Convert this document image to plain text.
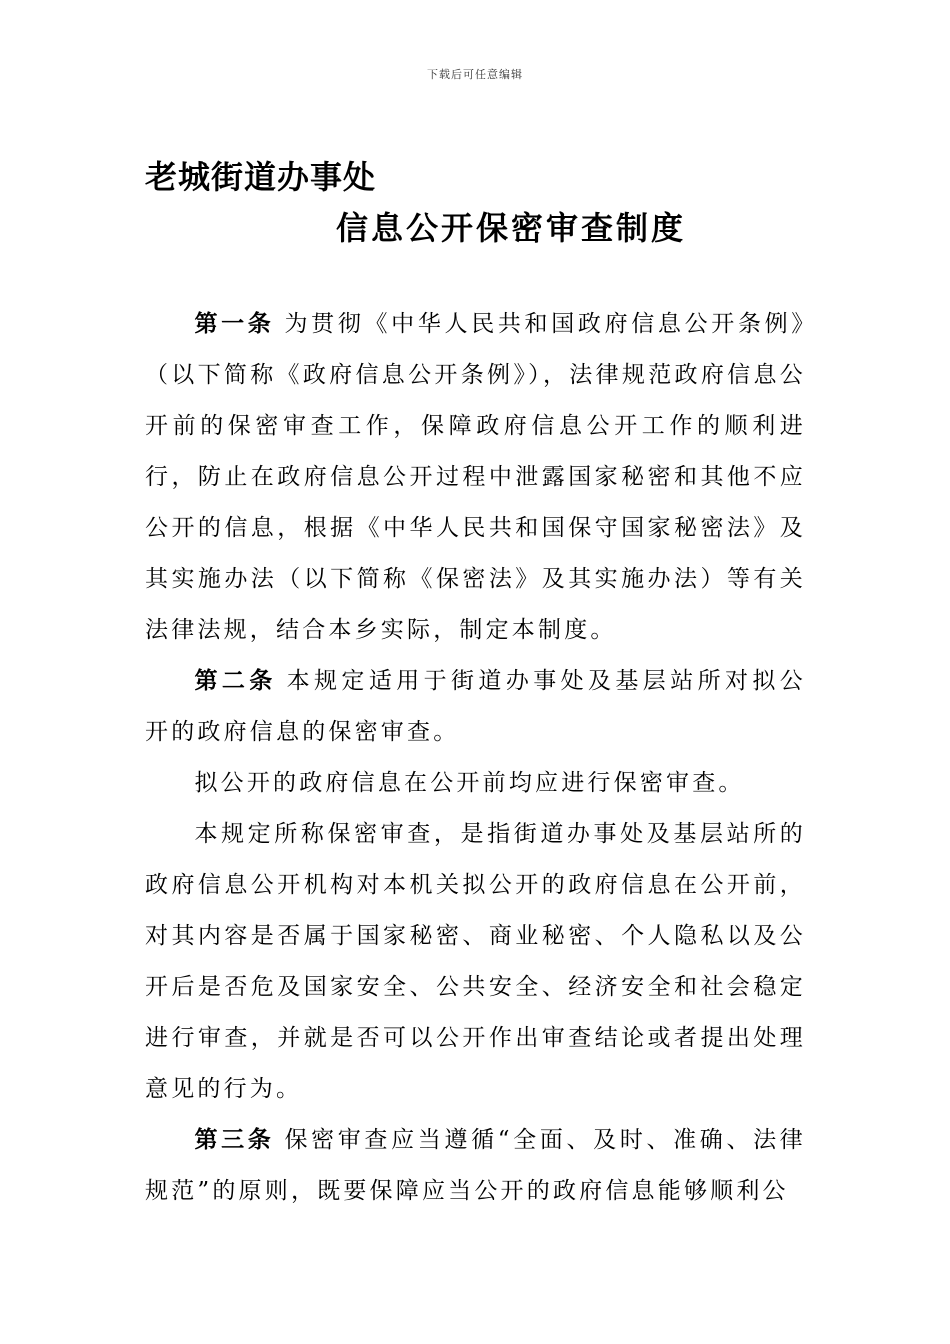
下载后可任意编辑
老城街道办事处
信息公开保密审查制度

第一条 为贯彻《中华人民共和国政府信息公开条例》（以下简称《政府信息公开条例》），法律规范政府信息公开前的保密审查工作，保障政府信息公开工作的顺利进行，防止在政府信息公开过程中泄露国家秘密和其他不应公开的信息，根据《中华人民共和国保守国家秘密法》及其实施办法（以下简称《保密法》及其实施办法）等有关法律法规，结合本乡实际，制定本制度。

第二条 本规定适用于街道办事处及基层站所对拟公开的政府信息的保密审查。

拟公开的政府信息在公开前均应进行保密审查。

本规定所称保密审查，是指街道办事处及基层站所的政府信息公开机构对本机关拟公开的政府信息在公开前，对其内容是否属于国家秘密、商业秘密、个人隐私以及公开后是否危及国家安全、公共安全、经济安全和社会稳定进行审查，并就是否可以公开作出审查结论或者提出处理意见的行为。

第三条 保密审查应当遵循“全面、及时、准确、法律规范”的原则，既要保障应当公开的政府信息能够顺利公
